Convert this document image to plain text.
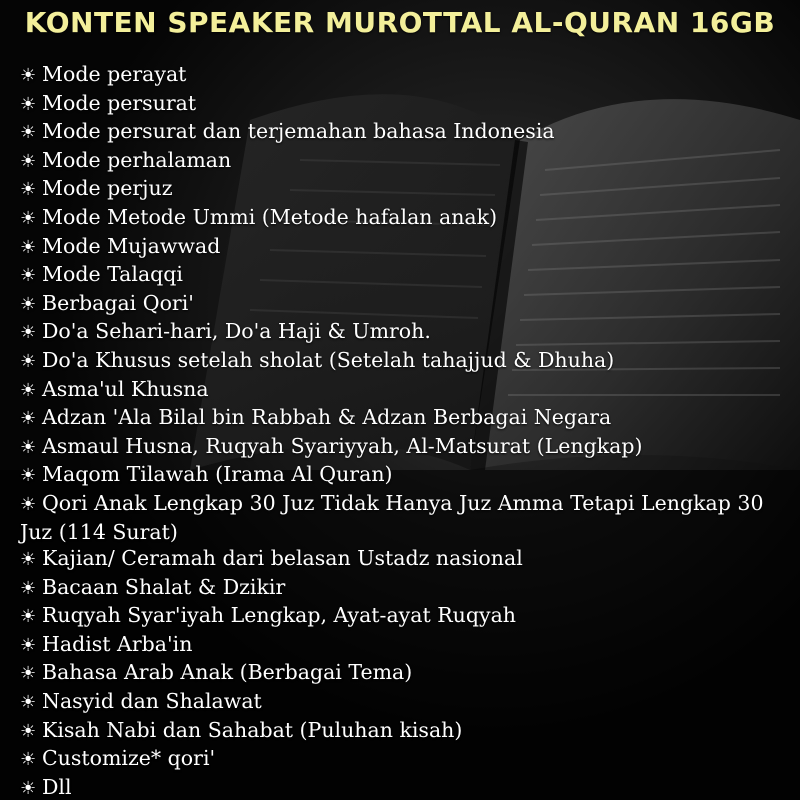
KONTEN SPEAKER MUROTTAL AL-QURAN 16GB
☀ Mode perayat
☀ Mode persurat
☀ Mode persurat dan terjemahan bahasa Indonesia
☀ Mode perhalaman
☀ Mode perjuz
☀ Mode Metode Ummi (Metode hafalan anak)
☀ Mode Mujawwad
☀ Mode Talaqqi
☀ Berbagai Qori'
☀ Do'a Sehari-hari, Do'a Haji & Umroh.
☀ Do'a Khusus setelah sholat (Setelah tahajjud & Dhuha)
☀ Asma'ul Khusna
☀ Adzan 'Ala Bilal bin Rabbah & Adzan Berbagai Negara
☀ Asmaul Husna, Ruqyah Syariyyah, Al-Matsurat (Lengkap)
☀ Maqom Tilawah (Irama Al Quran)
☀ Qori Anak Lengkap 30 Juz Tidak Hanya Juz Amma Tetapi Lengkap 30 Juz (114 Surat)
☀ Kajian/ Ceramah dari belasan Ustadz nasional
☀ Bacaan Shalat & Dzikir
☀ Ruqyah Syar'iyah Lengkap, Ayat-ayat Ruqyah
☀ Hadist Arba'in
☀ Bahasa Arab Anak (Berbagai Tema)
☀ Nasyid dan Shalawat
☀ Kisah Nabi dan Sahabat (Puluhan kisah)
☀ Customize* qori'
☀ Dll
